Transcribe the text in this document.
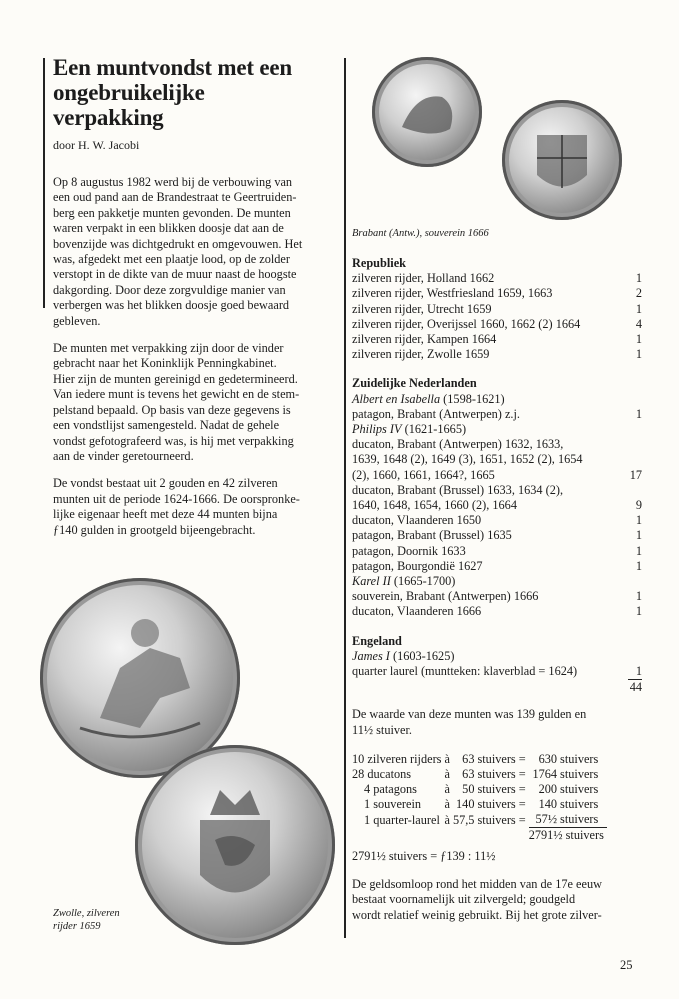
Een muntvondst met een
ongebruikelijke
verpakking

door H. W. Jacobi

Op 8 augustus 1982 werd bij de verbouwing van
een oud pand aan de Brandestraat te Geertruiden-
berg een pakketje munten gevonden. De munten
waren verpakt in een blikken doosje dat aan de
bovenzijde was dichtgedrukt en omgevouwen. Het
was, afgedekt met een plaatje lood, op de zolder
verstopt in de dikte van de muur naast de hoogste
dakgording. Door deze zorgvuldige manier van
verbergen was het blikken doosje goed bewaard
gebleven.
De munten met verpakking zijn door de vinder
gebracht naar het Koninklijk Penningkabinet.
Hier zijn de munten gereinigd en gedetermineerd.
Van iedere munt is tevens het gewicht en de stem-
pelstand bepaald. Op basis van deze gegevens is
een vondstlijst samengesteld. Nadat de gehele
vondst gefotografeerd was, is hij met verpakking
aan de vinder geretourneerd.
De vondst bestaat uit 2 gouden en 42 zilveren
munten uit de periode 1624-1666. De oorspronke-
lijke eigenaar heeft met deze 44 munten bijna
ƒ140 gulden in grootgeld bijeengebracht.
Zwolle, zilveren
rijder 1659
Brabant (Antw.), souverein 1666
Republiek
zilveren rijder, Holland 1662	1
zilveren rijder, Westfriesland 1659, 1663	2
zilveren rijder, Utrecht 1659	1
zilveren rijder, Overijssel 1660, 1662 (2) 1664	4
zilveren rijder, Kampen 1664	1
zilveren rijder, Zwolle 1659	1
Zuidelijke Nederlanden
Albert en Isabella (1598-1621)
patagon, Brabant (Antwerpen) z.j.	1
Philips IV (1621-1665)
ducaton, Brabant (Antwerpen) 1632, 1633,
1639, 1648 (2), 1649 (3), 1651, 1652 (2), 1654
(2), 1660, 1661, 1664?, 1665	17
ducaton, Brabant (Brussel) 1633, 1634 (2),
1640, 1648, 1654, 1660 (2), 1664	9
ducaton, Vlaanderen 1650	1
patagon, Brabant (Brussel) 1635	1
patagon, Doornik 1633	1
patagon, Bourgondië 1627	1
Karel II (1665-1700)
souverein, Brabant (Antwerpen) 1666	1
ducaton, Vlaanderen 1666	1
Engeland
James I (1603-1625)
quarter laurel (muntteken: klaverblad = 1624)	1
44
De waarde van deze munten was 139 gulden en
11½ stuiver.
10 zilveren rijders	à	63	stuivers =	630	stuivers
28 ducatons	à	63	stuivers =	1764	stuivers
4 patagons	à	50	stuivers =	200	stuivers
1 souverein	à	140	stuivers =	140	stuivers
1 quarter-laurel	à	57,5	stuivers =	57½	stuivers
				2791½ stuivers	
2791½ stuivers = ƒ139 : 11½
De geldsomloop rond het midden van de 17e eeuw
bestaat voornamelijk uit zilvergeld; goudgeld
wordt relatief weinig gebruikt. Bij het grote zilver-
25
